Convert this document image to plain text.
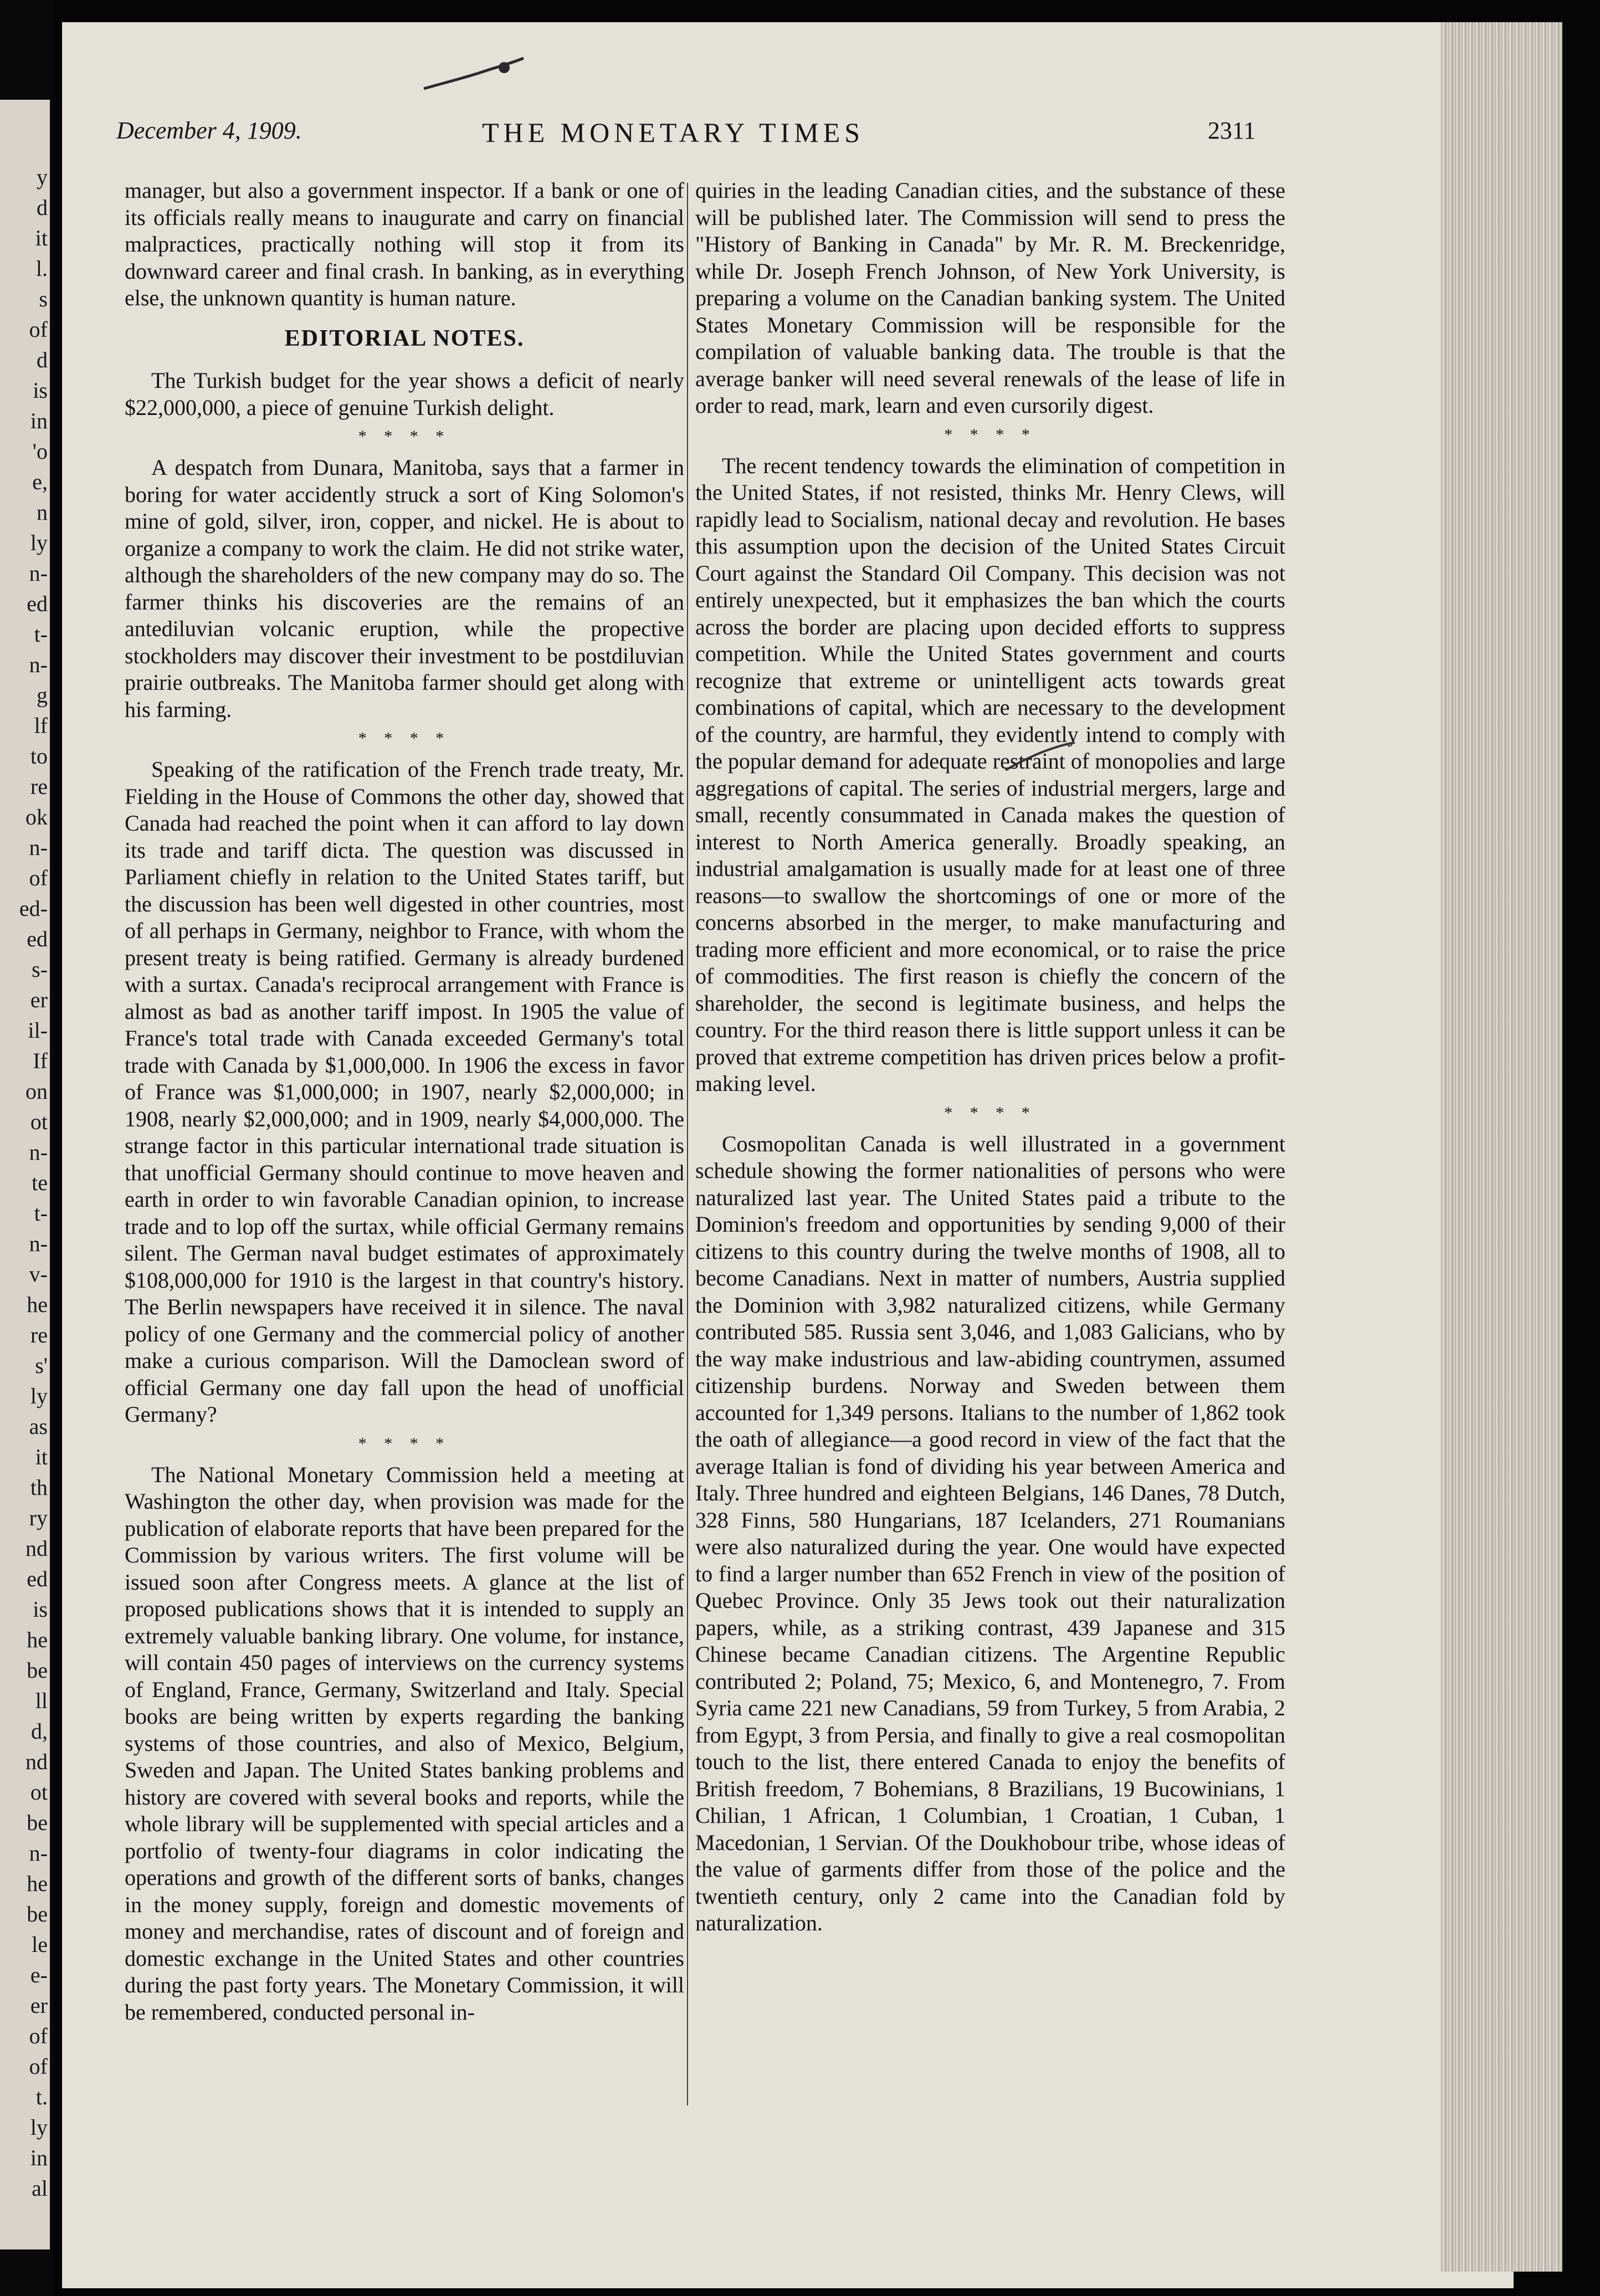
y
d
it
l.
s
of
d
is
in
'o
e,
n
ly
n-
ed
t-
n-
g
lf
to
re
ok
n-
of
ed-
ed
s-
er
il-
If
on
ot
n-
te
t-
n-
v-
he
re
s'
ly
as
it
th
ry
nd
ed
is
he
be
ll
d,
nd
ot
be
n-
he
be
le
e-
er
of
of
t.
ly
in
al
December 4, 1909.	THE MONETARY TIMES	2311

manager, but also a government inspector. If a bank or one of its officials really means to inaugurate and carry on financial malpractices, practically nothing will stop it from its downward career and final crash. In banking, as in everything else, the unknown quantity is human nature.

EDITORIAL NOTES.

The Turkish budget for the year shows a deficit of nearly $22,000,000, a piece of genuine Turkish delight.

* * * *

A despatch from Dunara, Manitoba, says that a farmer in boring for water accidently struck a sort of King Solomon's mine of gold, silver, iron, copper, and nickel. He is about to organize a company to work the claim. He did not strike water, although the shareholders of the new company may do so. The farmer thinks his discoveries are the remains of an antediluvian volcanic eruption, while the propective stockholders may discover their investment to be postdiluvian prairie outbreaks. The Manitoba farmer should get along with his farming.

* * * *

Speaking of the ratification of the French trade treaty, Mr. Fielding in the House of Commons the other day, showed that Canada had reached the point when it can afford to lay down its trade and tariff dicta. The question was discussed in Parliament chiefly in relation to the United States tariff, but the discussion has been well digested in other countries, most of all perhaps in Germany, neighbor to France, with whom the present treaty is being ratified. Germany is already burdened with a surtax. Canada's reciprocal arrangement with France is almost as bad as another tariff impost. In 1905 the value of France's total trade with Canada exceeded Germany's total trade with Canada by $1,000,000. In 1906 the excess in favor of France was $1,000,000; in 1907, nearly $2,000,000; in 1908, nearly $2,000,000; and in 1909, nearly $4,000,000. The strange factor in this particular international trade situation is that unofficial Germany should continue to move heaven and earth in order to win favorable Canadian opinion, to increase trade and to lop off the surtax, while official Germany remains silent. The German naval budget estimates of approximately $108,000,000 for 1910 is the largest in that country's history. The Berlin newspapers have received it in silence. The naval policy of one Germany and the commercial policy of another make a curious comparison. Will the Damoclean sword of official Germany one day fall upon the head of unofficial Germany?

* * * *

The National Monetary Commission held a meeting at Washington the other day, when provision was made for the publication of elaborate reports that have been prepared for the Commission by various writers. The first volume will be issued soon after Congress meets. A glance at the list of proposed publications shows that it is intended to supply an extremely valuable banking library. One volume, for instance, will contain 450 pages of interviews on the currency systems of England, France, Germany, Switzerland and Italy. Special books are being written by experts regarding the banking systems of those countries, and also of Mexico, Belgium, Sweden and Japan. The United States banking problems and history are covered with several books and reports, while the whole library will be supplemented with special articles and a portfolio of twenty-four diagrams in color indicating the operations and growth of the different sorts of banks, changes in the money supply, foreign and domestic movements of money and merchandise, rates of discount and of foreign and domestic exchange in the United States and other countries during the past forty years. The Monetary Commission, it will be remembered, conducted personal in-

quiries in the leading Canadian cities, and the substance of these will be published later. The Commission will send to press the "History of Banking in Canada" by Mr. R. M. Breckenridge, while Dr. Joseph French Johnson, of New York University, is preparing a volume on the Canadian banking system. The United States Monetary Commission will be responsible for the compilation of valuable banking data. The trouble is that the average banker will need several renewals of the lease of life in order to read, mark, learn and even cursorily digest.

* * * *

The recent tendency towards the elimination of competition in the United States, if not resisted, thinks Mr. Henry Clews, will rapidly lead to Socialism, national decay and revolution. He bases this assumption upon the decision of the United States Circuit Court against the Standard Oil Company. This decision was not entirely unexpected, but it emphasizes the ban which the courts across the border are placing upon decided efforts to suppress competition. While the United States government and courts recognize that extreme or unintelligent acts towards great combinations of capital, which are necessary to the development of the country, are harmful, they evidently intend to comply with the popular demand for adequate restraint of monopolies and large aggregations of capital. The series of industrial mergers, large and small, recently consummated in Canada makes the question of interest to North America generally. Broadly speaking, an industrial amalgamation is usually made for at least one of three reasons—to swallow the shortcomings of one or more of the concerns absorbed in the merger, to make manufacturing and trading more efficient and more economical, or to raise the price of commodities. The first reason is chiefly the concern of the shareholder, the second is legitimate business, and helps the country. For the third reason there is little support unless it can be proved that extreme competition has driven prices below a profit-making level.

* * * *

Cosmopolitan Canada is well illustrated in a government schedule showing the former nationalities of persons who were naturalized last year. The United States paid a tribute to the Dominion's freedom and opportunities by sending 9,000 of their citizens to this country during the twelve months of 1908, all to become Canadians. Next in matter of numbers, Austria supplied the Dominion with 3,982 naturalized citizens, while Germany contributed 585. Russia sent 3,046, and 1,083 Galicians, who by the way make industrious and law-abiding countrymen, assumed citizenship burdens. Norway and Sweden between them accounted for 1,349 persons. Italians to the number of 1,862 took the oath of allegiance—a good record in view of the fact that the average Italian is fond of dividing his year between America and Italy. Three hundred and eighteen Belgians, 146 Danes, 78 Dutch, 328 Finns, 580 Hungarians, 187 Icelanders, 271 Roumanians were also naturalized during the year. One would have expected to find a larger number than 652 French in view of the position of Quebec Province. Only 35 Jews took out their naturalization papers, while, as a striking contrast, 439 Japanese and 315 Chinese became Canadian citizens. The Argentine Republic contributed 2; Poland, 75; Mexico, 6, and Montenegro, 7. From Syria came 221 new Canadians, 59 from Turkey, 5 from Arabia, 2 from Egypt, 3 from Persia, and finally to give a real cosmopolitan touch to the list, there entered Canada to enjoy the benefits of British freedom, 7 Bohemians, 8 Brazilians, 19 Bucowinians, 1 Chilian, 1 African, 1 Columbian, 1 Croatian, 1 Cuban, 1 Macedonian, 1 Servian. Of the Doukhobour tribe, whose ideas of the value of garments differ from those of the police and the twentieth century, only 2 came into the Canadian fold by naturalization.
